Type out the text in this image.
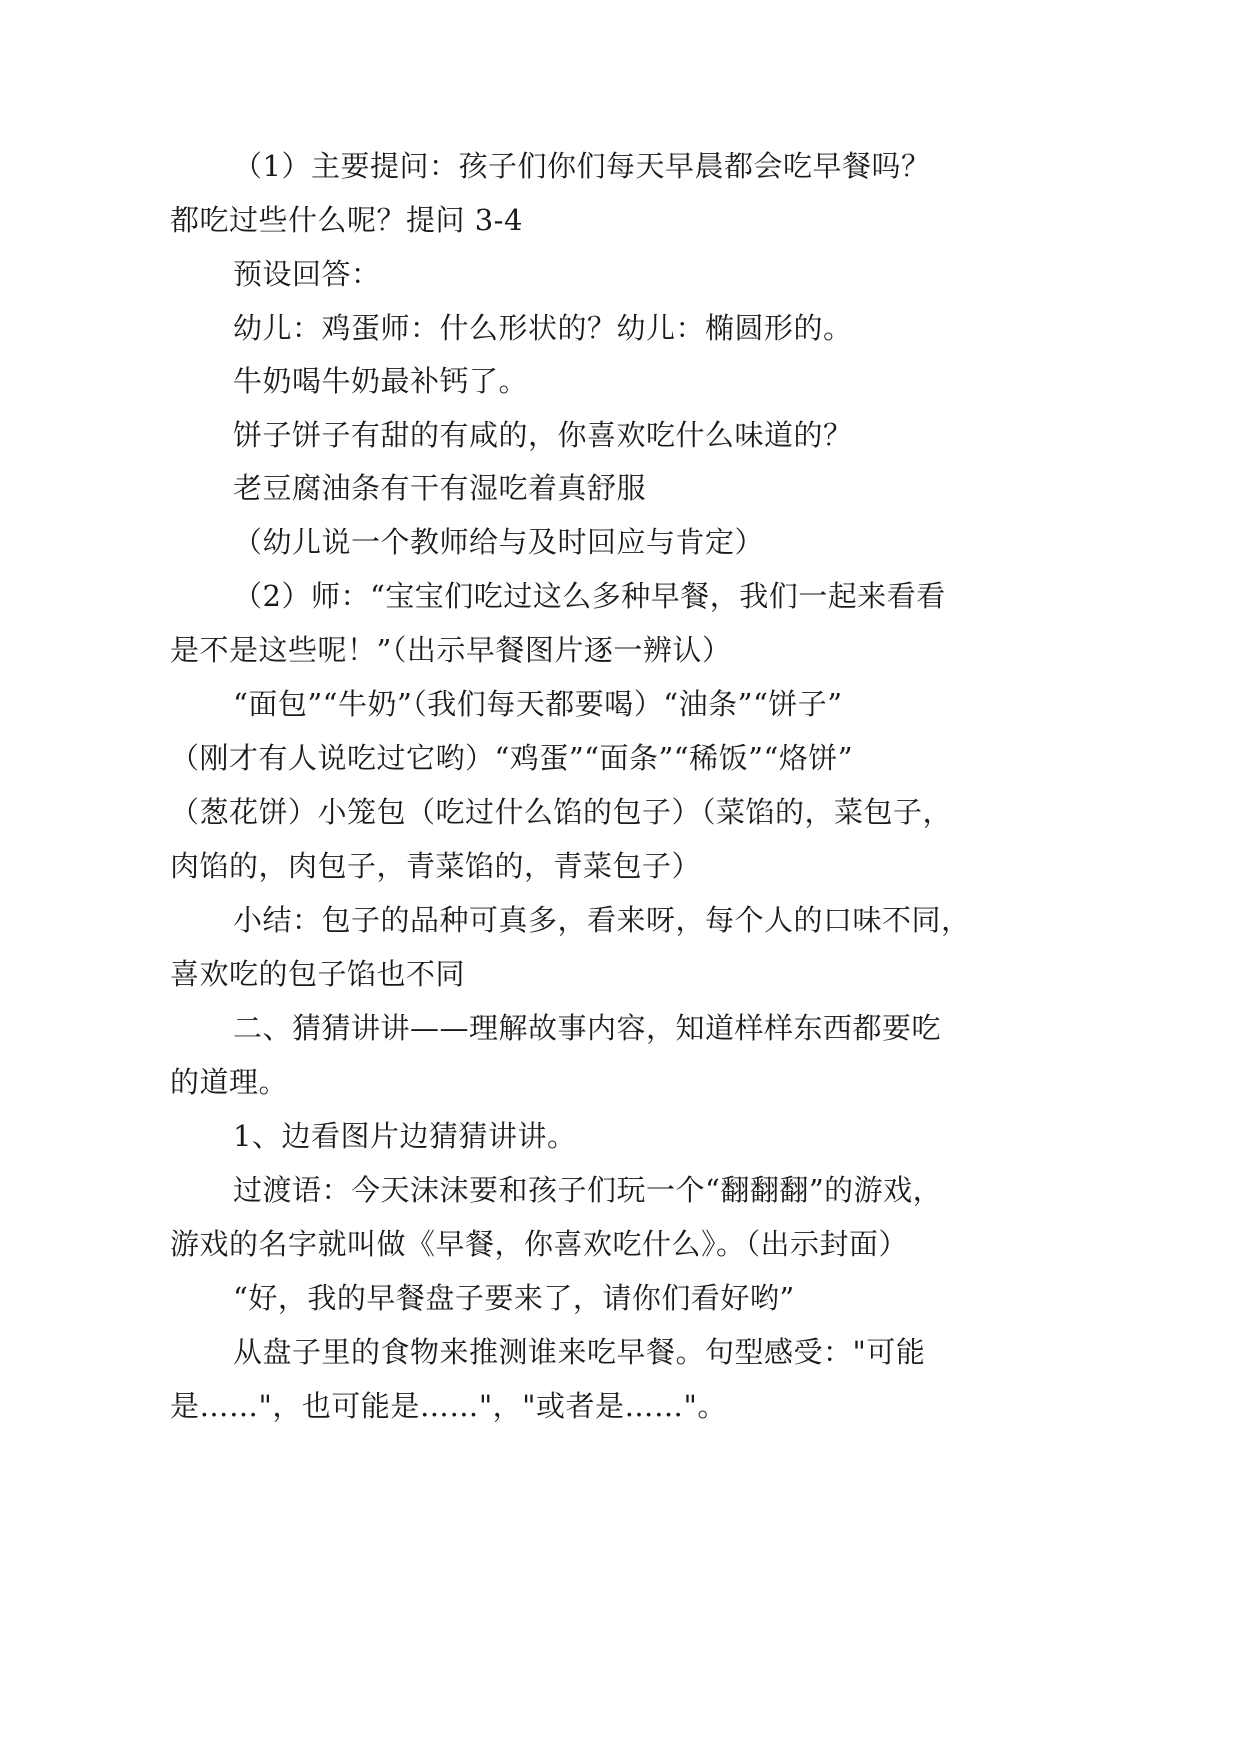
（1）主要提问：孩子们你们每天早晨都会吃早餐吗？
都吃过些什么呢？提问 3-4
预设回答：
幼儿：鸡蛋师：什么形状的？幼儿：椭圆形的。
牛奶喝牛奶最补钙了。
饼子饼子有甜的有咸的，你喜欢吃什么味道的？
老豆腐油条有干有湿吃着真舒服
（幼儿说一个教师给与及时回应与肯定）
（2）师：“宝宝们吃过这么多种早餐，我们一起来看看
是不是这些呢！”（出示早餐图片逐一辨认）
“面包”“牛奶”（我们每天都要喝）“油条”“饼子”
（刚才有人说吃过它哟）“鸡蛋”“面条”“稀饭”“烙饼”
（葱花饼）小笼包（吃过什么馅的包子）（菜馅的，菜包子，
肉馅的，肉包子，青菜馅的，青菜包子）
小结：包子的品种可真多，看来呀，每个人的口味不同，
喜欢吃的包子馅也不同
二、猜猜讲讲——理解故事内容，知道样样东西都要吃
的道理。
1、边看图片边猜猜讲讲。
过渡语：今天沫沫要和孩子们玩一个“翻翻翻”的游戏，
游戏的名字就叫做《早餐，你喜欢吃什么》。（出示封面）
“好，我的早餐盘子要来了，请你们看好哟”
从盘子里的食物来推测谁来吃早餐。句型感受："可能
是……"，也可能是……"，"或者是……"。
